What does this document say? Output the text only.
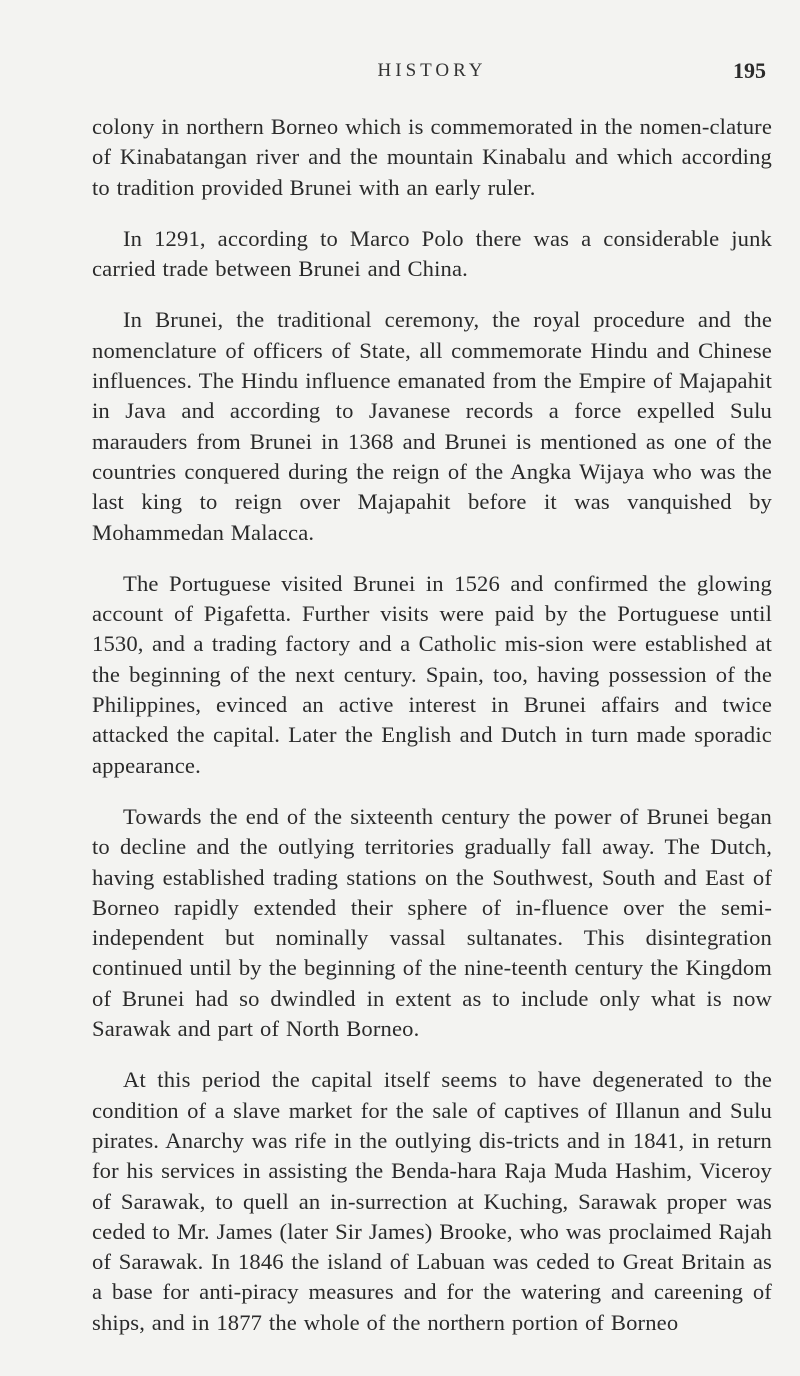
HISTORY	195

colony in northern Borneo which is commemorated in the nomen-clature of Kinabatangan river and the mountain Kinabalu and which according to tradition provided Brunei with an early ruler.

In 1291, according to Marco Polo there was a considerable junk carried trade between Brunei and China.

In Brunei, the traditional ceremony, the royal procedure and the nomenclature of officers of State, all commemorate Hindu and Chinese influences. The Hindu influence emanated from the Empire of Majapahit in Java and according to Javanese records a force expelled Sulu marauders from Brunei in 1368 and Brunei is mentioned as one of the countries conquered during the reign of the Angka Wijaya who was the last king to reign over Majapahit before it was vanquished by Mohammedan Malacca.

The Portuguese visited Brunei in 1526 and confirmed the glowing account of Pigafetta. Further visits were paid by the Portuguese until 1530, and a trading factory and a Catholic mis-sion were established at the beginning of the next century. Spain, too, having possession of the Philippines, evinced an active interest in Brunei affairs and twice attacked the capital. Later the English and Dutch in turn made sporadic appearance.

Towards the end of the sixteenth century the power of Brunei began to decline and the outlying territories gradually fall away. The Dutch, having established trading stations on the Southwest, South and East of Borneo rapidly extended their sphere of in-fluence over the semi-independent but nominally vassal sultanates. This disintegration continued until by the beginning of the nine-teenth century the Kingdom of Brunei had so dwindled in extent as to include only what is now Sarawak and part of North Borneo.

At this period the capital itself seems to have degenerated to the condition of a slave market for the sale of captives of Illanun and Sulu pirates. Anarchy was rife in the outlying dis-tricts and in 1841, in return for his services in assisting the Benda-hara Raja Muda Hashim, Viceroy of Sarawak, to quell an in-surrection at Kuching, Sarawak proper was ceded to Mr. James (later Sir James) Brooke, who was proclaimed Rajah of Sarawak. In 1846 the island of Labuan was ceded to Great Britain as a base for anti-piracy measures and for the watering and careening of ships, and in 1877 the whole of the northern portion of Borneo
